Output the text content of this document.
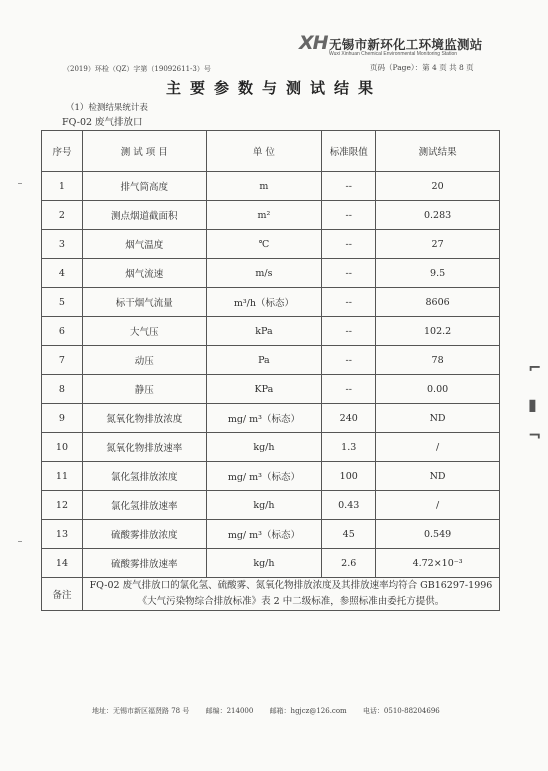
XH 无锡市新环化工环境监测站
Wuxi Xinhuan Chemical Environmental Monitoring Station
（2019）环检（QZ）字第（19092611-3）号	页码（Page）：第 4 页 共 8 页
主要参数与测试结果
（1）检测结果统计表
FQ-02 废气排放口
序号	测 试 项 目	单 位	标准限值	测试结果
1	排气筒高度	m	--	20
2	测点烟道截面积	m²	--	0.283
3	烟气温度	℃	--	27
4	烟气流速	m/s	--	9.5
5	标干烟气流量	m³/h（标态）	--	8606
6	大气压	kPa	--	102.2
7	动压	Pa	--	78
8	静压	KPa	--	0.00
9	氮氧化物排放浓度	mg/ m³（标态）	240	ND
10	氮氧化物排放速率	kg/h	1.3	/
11	氯化氢排放浓度	mg/ m³（标态）	100	ND
12	氯化氢排放速率	kg/h	0.43	/
13	硫酸雾排放浓度	mg/ m³（标态）	45	0.549
14	硫酸雾排放速率	kg/h	2.6	4.72×10⁻³
备注	FQ-02 废气排放口的氯化氢、硫酸雾、氮氧化物排放浓度及其排放速率均符合 GB16297-1996《大气污染物综合排放标准》表 2 中二级标准，参照标准由委托方提供。			
地址：无锡市新区福贤路 78 号 邮编：214000 邮箱：hgjcz@126.com 电话：0510-88204696
⌐
▮
¬
